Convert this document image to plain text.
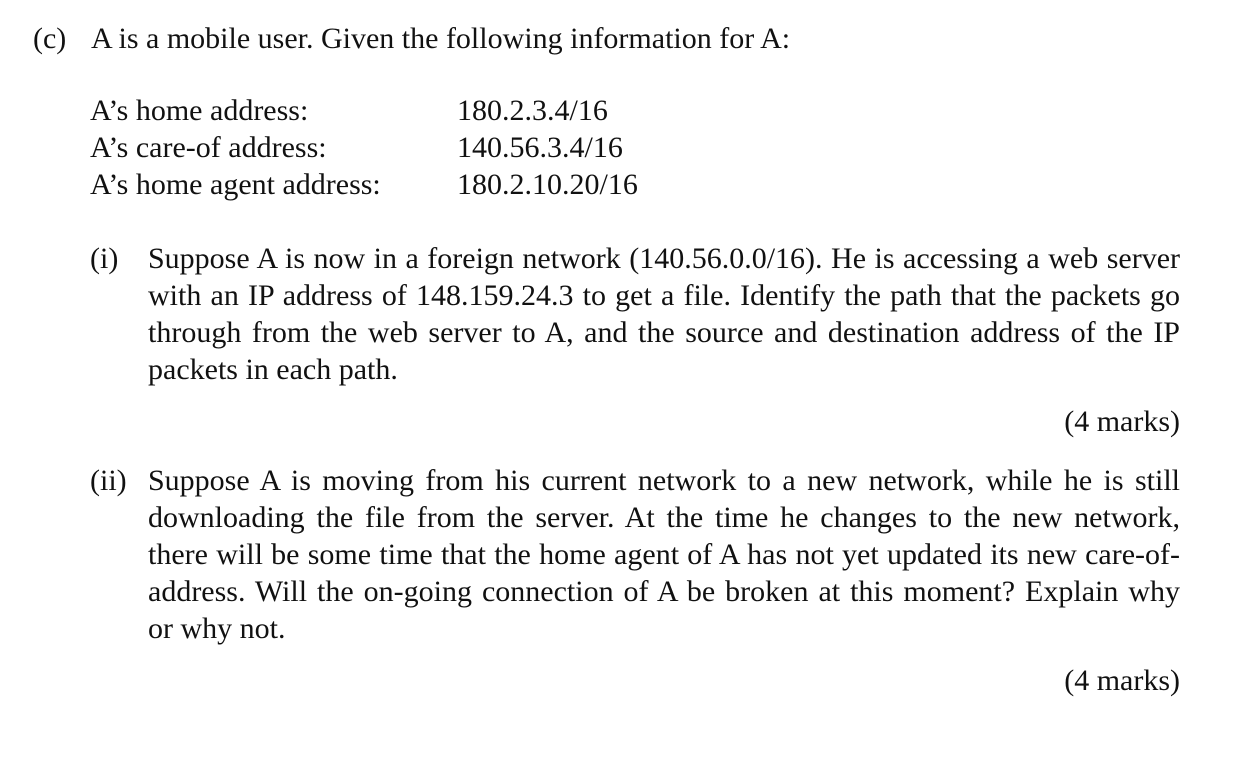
(c) A is a mobile user. Given the following information for A:
A’s home address:	180.2.3.4/16
A’s care-of address:	140.56.3.4/16
A’s home agent address:	180.2.10.20/16
(i) Suppose A is now in a foreign network (140.56.0.0/16). He is accessing a web server with an IP address of 148.159.24.3 to get a file. Identify the path that the packets go through from the web server to A, and the source and destination address of the IP packets in each path.
(4 marks)
(ii) Suppose A is moving from his current network to a new network, while he is still downloading the file from the server. At the time he changes to the new network, there will be some time that the home agent of A has not yet updated its new care-of-address. Will the on-going connection of A be broken at this moment? Explain why or why not.
(4 marks)
